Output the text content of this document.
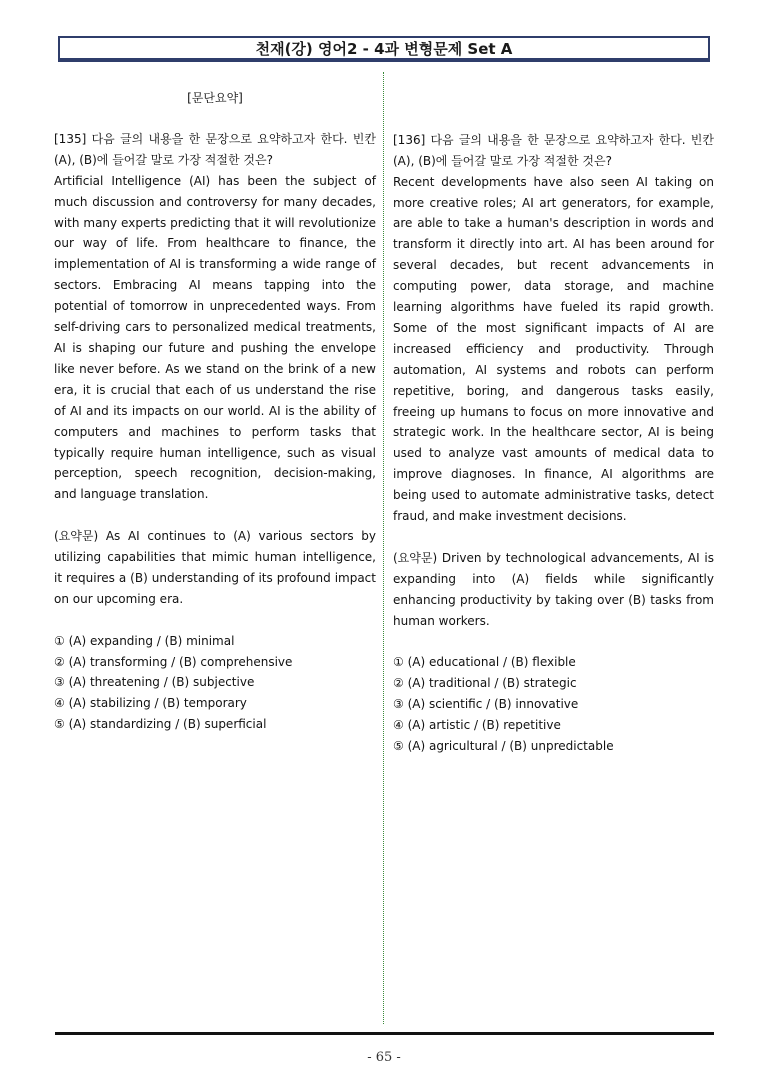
천재(강) 영어2 - 4과 변형문제 Set A
[문단요약]

[135] 다음 글의 내용을 한 문장으로 요약하고자 한다. 빈칸 (A), (B)에 들어갈 말로 가장 적절한 것은?

Artificial Intelligence (AI) has been the subject of much discussion and controversy for many decades, with many experts predicting that it will revolutionize our way of life. From healthcare to finance, the implementation of AI is transforming a wide range of sectors. Embracing AI means tapping into the potential of tomorrow in unprecedented ways. From self-driving cars to personalized medical treatments, AI is shaping our future and pushing the envelope like never before. As we stand on the brink of a new era, it is crucial that each of us understand the rise of AI and its impacts on our world. AI is the ability of computers and machines to perform tasks that typically require human intelligence, such as visual perception, speech recognition, decision-making, and language translation.

(요약문) As AI continues to (A) various sectors by utilizing capabilities that mimic human intelligence, it requires a (B) understanding of its profound impact on our upcoming era.

① (A) expanding / (B) minimal
② (A) transforming / (B) comprehensive
③ (A) threatening / (B) subjective
④ (A) stabilizing / (B) temporary
⑤ (A) standardizing / (B) superficial

[136] 다음 글의 내용을 한 문장으로 요약하고자 한다. 빈칸 (A), (B)에 들어갈 말로 가장 적절한 것은?

Recent developments have also seen AI taking on more creative roles; AI art generators, for example, are able to take a human's description in words and transform it directly into art. AI has been around for several decades, but recent advancements in computing power, data storage, and machine learning algorithms have fueled its rapid growth. Some of the most significant impacts of AI are increased efficiency and productivity. Through automation, AI systems and robots can perform repetitive, boring, and dangerous tasks easily, freeing up humans to focus on more innovative and strategic work. In the healthcare sector, AI is being used to analyze vast amounts of medical data to improve diagnoses. In finance, AI algorithms are being used to automate administrative tasks, detect fraud, and make investment decisions.

(요약문) Driven by technological advancements, AI is expanding into (A) fields while significantly enhancing productivity by taking over (B) tasks from human workers.

① (A) educational / (B) flexible
② (A) traditional / (B) strategic
③ (A) scientific / (B) innovative
④ (A) artistic / (B) repetitive
⑤ (A) agricultural / (B) unpredictable
- 65 -
